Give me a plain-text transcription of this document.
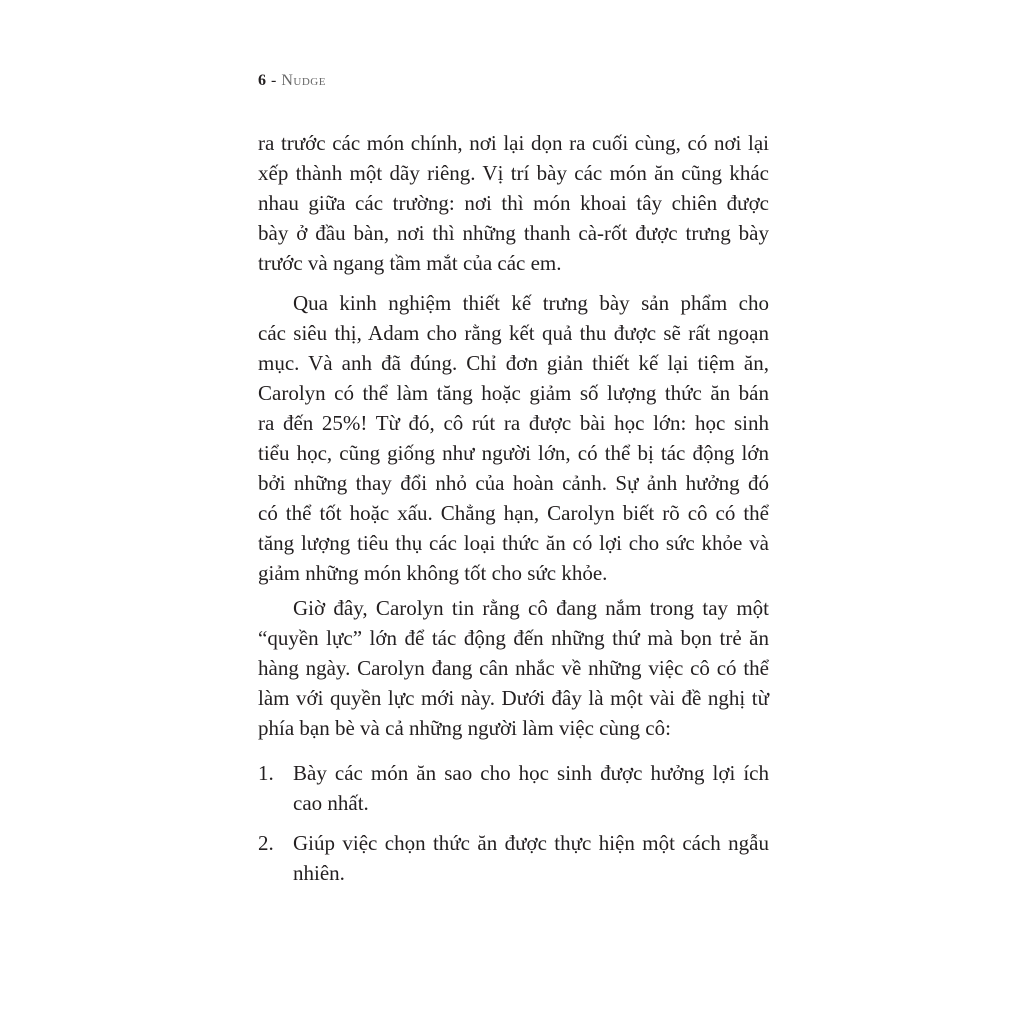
6 - Nudge
ra trước các món chính, nơi lại dọn ra cuối cùng, có nơi lại
xếp thành một dãy riêng. Vị trí bày các món ăn cũng khác
nhau giữa các trường: nơi thì món khoai tây chiên được
bày ở đầu bàn, nơi thì những thanh cà-rốt được trưng bày
trước và ngang tầm mắt của các em.
Qua kinh nghiệm thiết kế trưng bày sản phẩm cho
các siêu thị, Adam cho rằng kết quả thu được sẽ rất ngoạn
mục. Và anh đã đúng. Chỉ đơn giản thiết kế lại tiệm ăn,
Carolyn có thể làm tăng hoặc giảm số lượng thức ăn bán
ra đến 25%! Từ đó, cô rút ra được bài học lớn: học sinh
tiểu học, cũng giống như người lớn, có thể bị tác động lớn
bởi những thay đổi nhỏ của hoàn cảnh. Sự ảnh hưởng đó
có thể tốt hoặc xấu. Chẳng hạn, Carolyn biết rõ cô có thể
tăng lượng tiêu thụ các loại thức ăn có lợi cho sức khỏe và
giảm những món không tốt cho sức khỏe.
Giờ đây, Carolyn tin rằng cô đang nắm trong tay một
“quyền lực” lớn để tác động đến những thứ mà bọn trẻ ăn
hàng ngày. Carolyn đang cân nhắc về những việc cô có thể
làm với quyền lực mới này. Dưới đây là một vài đề nghị từ
phía bạn bè và cả những người làm việc cùng cô:
1. Bày các món ăn sao cho học sinh được hưởng lợi ích
cao nhất.
2. Giúp việc chọn thức ăn được thực hiện một cách ngẫu
nhiên.
